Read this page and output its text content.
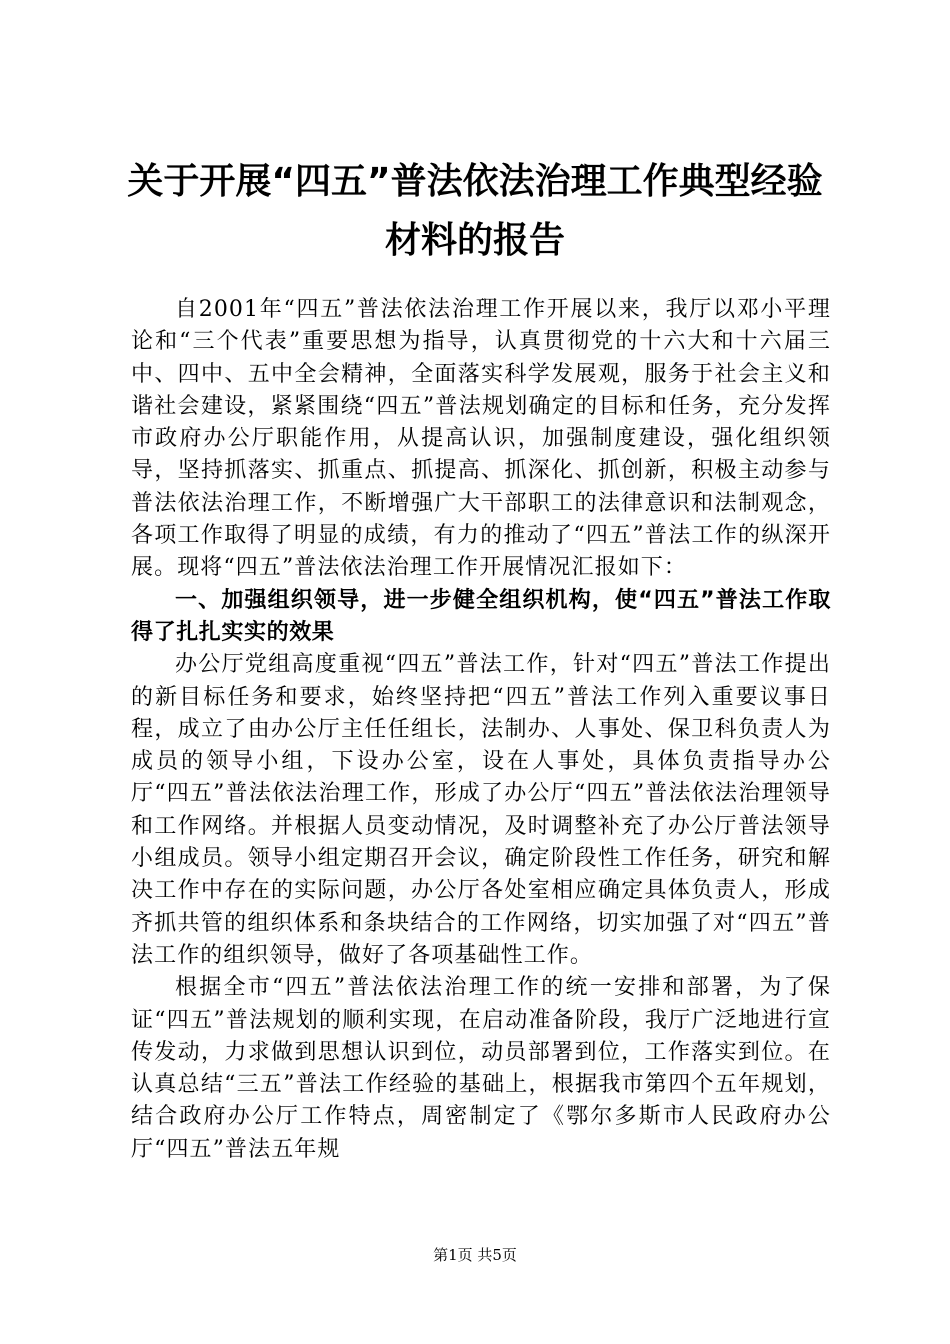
关于开展“四五”普法依法治理工作典型经验
材料的报告

自2001年“四五”普法依法治理工作开展以来，我厅以邓小平理论和“三个代表”重要思想为指导，认真贯彻党的十六大和十六届三中、四中、五中全会精神，全面落实科学发展观，服务于社会主义和谐社会建设，紧紧围绕“四五”普法规划确定的目标和任务，充分发挥市政府办公厅职能作用，从提高认识，加强制度建设，强化组织领导，坚持抓落实、抓重点、抓提高、抓深化、抓创新，积极主动参与普法依法治理工作，不断增强广大干部职工的法律意识和法制观念，各项工作取得了明显的成绩，有力的推动了“四五”普法工作的纵深开展。现将“四五”普法依法治理工作开展情况汇报如下：

一、加强组织领导，进一步健全组织机构，使“四五”普法工作取得了扎扎实实的效果

办公厅党组高度重视“四五”普法工作，针对“四五”普法工作提出的新目标任务和要求，始终坚持把“四五”普法工作列入重要议事日程，成立了由办公厅主任任组长，法制办、人事处、保卫科负责人为成员的领导小组，下设办公室，设在人事处，具体负责指导办公厅“四五”普法依法治理工作，形成了办公厅“四五”普法依法治理领导和工作网络。并根据人员变动情况，及时调整补充了办公厅普法领导小组成员。领导小组定期召开会议，确定阶段性工作任务，研究和解决工作中存在的实际问题，办公厅各处室相应确定具体负责人，形成齐抓共管的组织体系和条块结合的工作网络，切实加强了对“四五”普法工作的组织领导，做好了各项基础性工作。

根据全市“四五”普法依法治理工作的统一安排和部署，为了保证“四五”普法规划的顺利实现，在启动准备阶段，我厅广泛地进行宣传发动，力求做到思想认识到位，动员部署到位，工作落实到位。在认真总结“三五”普法工作经验的基础上，根据我市第四个五年规划，结合政府办公厅工作特点，周密制定了《鄂尔多斯市人民政府办公厅“四五”普法五年规

第1页 共5页
